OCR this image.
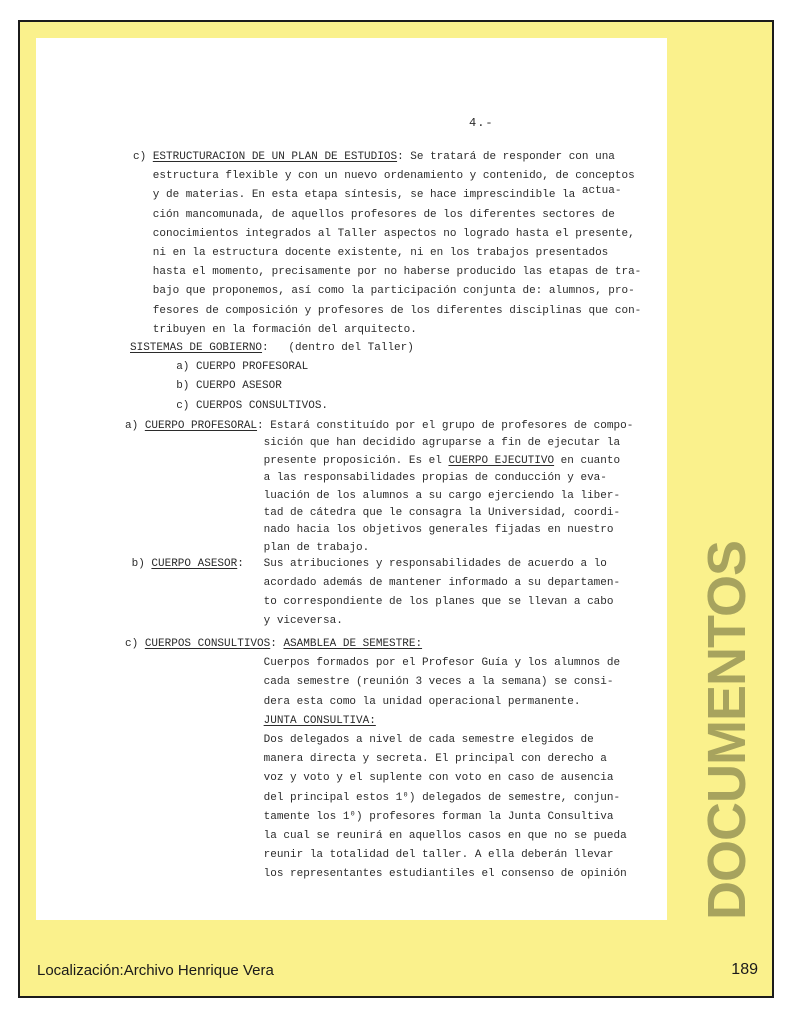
4.-
c) ESTRUCTURACION DE UN PLAN DE ESTUDIOS: Se tratará de responder con una
estructura flexible y con un nuevo ordenamiento y contenido, de conceptos
y de materias. En esta etapa síntesis, se hace imprescindible la actua-
ción mancomunada, de aquellos profesores de los diferentes sectores de
conocimientos integrados al Taller aspectos no logrado hasta el presente,
ni en la estructura docente existente, ni en los trabajos presentados
hasta el momento, precisamente por no haberse producido las etapas de tra-
bajo que proponemos, así como la participación conjunta de: alumnos, pro-
fesores de composición y profesores de los diferentes disciplinas que con-
tribuyen en la formación del arquitecto.
SISTEMAS DE GOBIERNO:   (dentro del Taller)
a) CUERPO PROFESORAL
b) CUERPO ASESOR
c) CUERPOS CONSULTIVOS.
a) CUERPO PROFESORAL: Estará constituído por el grupo de profesores de compo-
sición que han decidido agruparse a fin de ejecutar la
presente proposición. Es el CUERPO EJECUTIVO en cuanto
a las responsabilidades propias de conducción y eva-
luación de los alumnos a su cargo ejerciendo la liber-
tad de cátedra que le consagra la Universidad, coordi-
nado hacia los objetivos generales fijadas en nuestro
plan de trabajo.
b) CUERPO ASESOR:   Sus atribuciones y responsabilidades de acuerdo a lo
acordado además de mantener informado a su departamen-
to correspondiente de los planes que se llevan a cabo
y viceversa.
c) CUERPOS CONSULTIVOS: ASAMBLEA DE SEMESTRE:
Cuerpos formados por el Profesor Guía y los alumnos de
cada semestre (reunión 3 veces a la semana) se consi-
dera esta como la unidad operacional permanente.
JUNTA CONSULTIVA:
Dos delegados a nivel de cada semestre elegidos de
manera directa y secreta. El principal con derecho a
voz y voto y el suplente con voto en caso de ausencia
del principal estos 1⁰) delegados de semestre, conjun-
tamente los 1⁰) profesores forman la Junta Consultiva
la cual se reunirá en aquellos casos en que no se pueda
reunir la totalidad del taller. A ella deberán llevar
los representantes estudiantiles el consenso de opinión DOCUMENTOS
Localización:Archivo Henrique Vera	189
